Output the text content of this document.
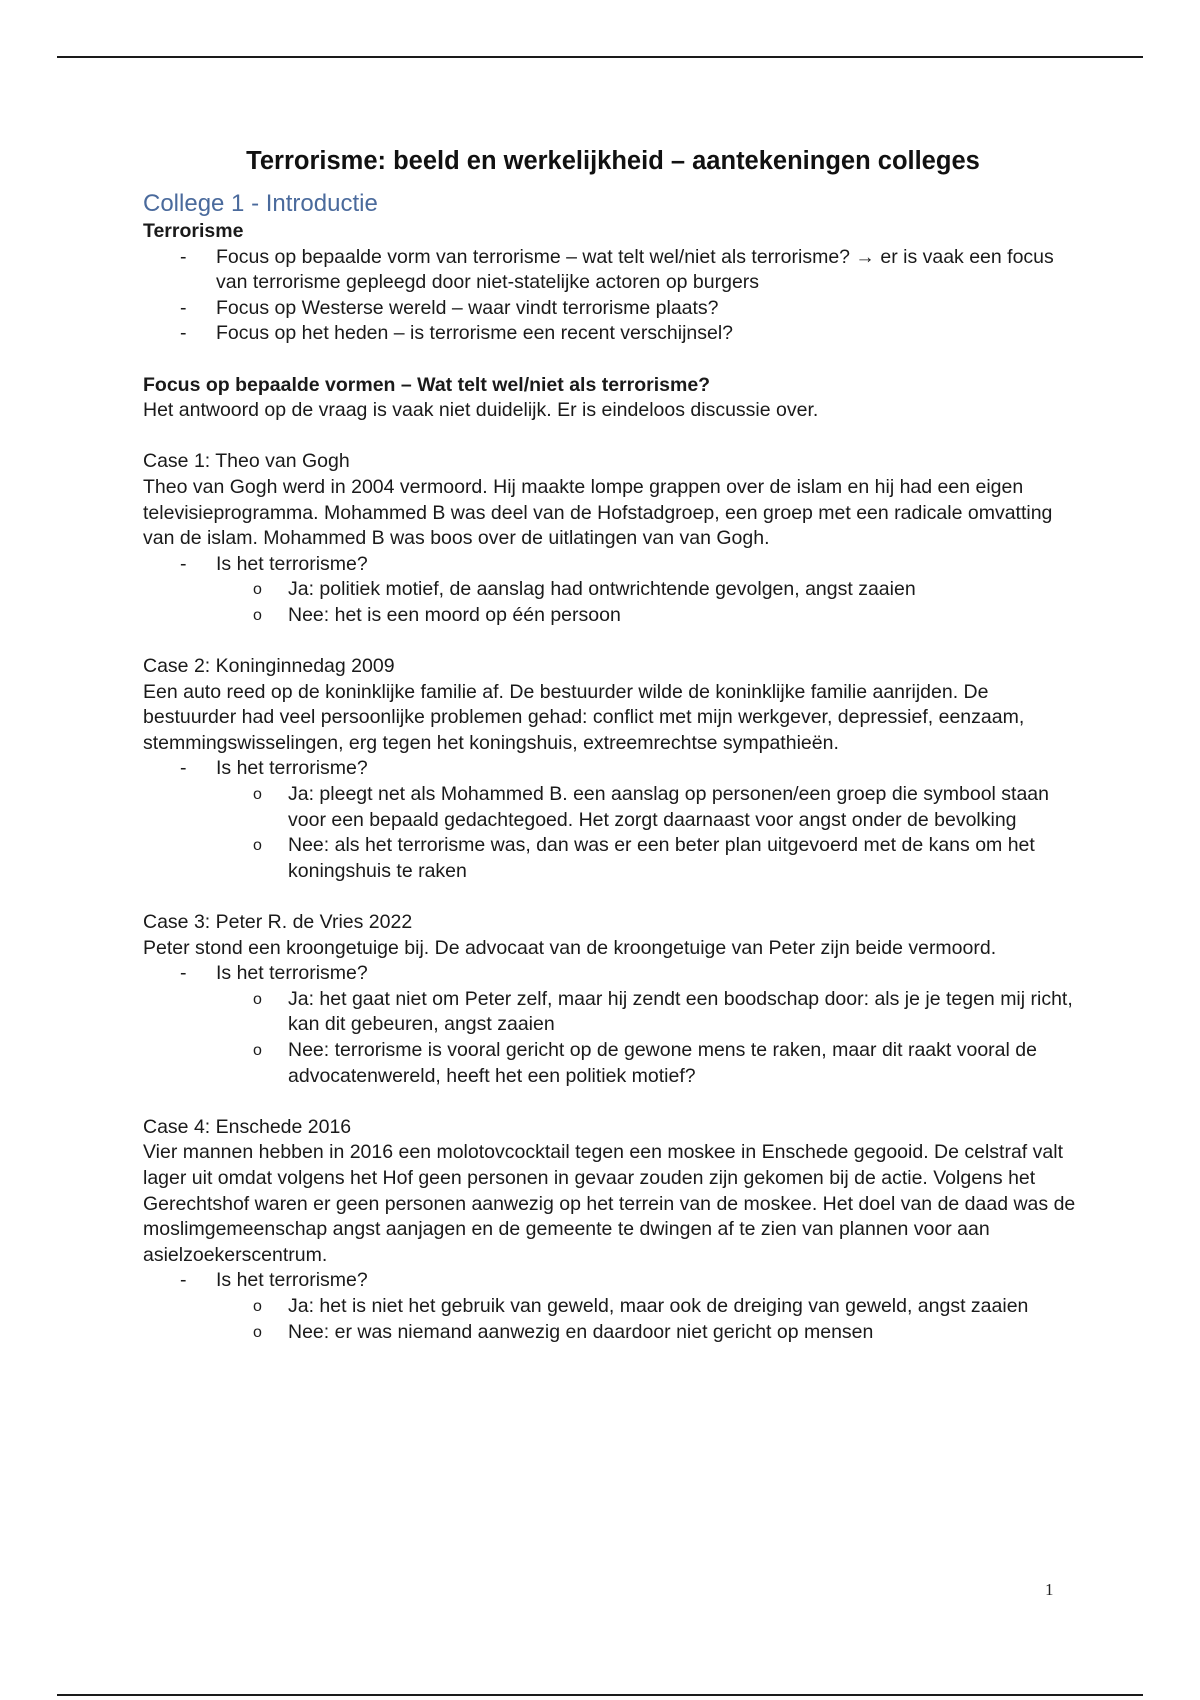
Terrorisme: beeld en werkelijkheid – aantekeningen colleges
College 1 - Introductie
Terrorisme
- Focus op bepaalde vorm van terrorisme – wat telt wel/niet als terrorisme? → er is vaak een focus van terrorisme gepleegd door niet-statelijke actoren op burgers
- Focus op Westerse wereld – waar vindt terrorisme plaats?
- Focus op het heden – is terrorisme een recent verschijnsel?
Focus op bepaalde vormen – Wat telt wel/niet als terrorisme?

Het antwoord op de vraag is vaak niet duidelijk. Er is eindeloos discussie over.

Case 1: Theo van Gogh

Theo van Gogh werd in 2004 vermoord. Hij maakte lompe grappen over de islam en hij had een eigen televisieprogramma. Mohammed B was deel van de Hofstadgroep, een groep met een radicale omvatting van de islam. Mohammed B was boos over de uitlatingen van van Gogh.

- Is het terrorisme?
o Ja: politiek motief, de aanslag had ontwrichtende gevolgen, angst zaaien
o Nee: het is een moord op één persoon

Case 2: Koninginnedag 2009

Een auto reed op de koninklijke familie af. De bestuurder wilde de koninklijke familie aanrijden. De bestuurder had veel persoonlijke problemen gehad: conflict met mijn werkgever, depressief, eenzaam, stemmingswisselingen, erg tegen het koningshuis, extreemrechtse sympathieën.

- Is het terrorisme?
o Ja: pleegt net als Mohammed B. een aanslag op personen/een groep die symbool staan voor een bepaald gedachtegoed. Het zorgt daarnaast voor angst onder de bevolking
o Nee: als het terrorisme was, dan was er een beter plan uitgevoerd met de kans om het koningshuis te raken

Case 3: Peter R. de Vries 2022

Peter stond een kroongetuige bij. De advocaat van de kroongetuige van Peter zijn beide vermoord.

- Is het terrorisme?
o Ja: het gaat niet om Peter zelf, maar hij zendt een boodschap door: als je je tegen mij richt, kan dit gebeuren, angst zaaien
o Nee: terrorisme is vooral gericht op de gewone mens te raken, maar dit raakt vooral de advocatenwereld, heeft het een politiek motief?

Case 4: Enschede 2016

Vier mannen hebben in 2016 een molotovcocktail tegen een moskee in Enschede gegooid. De celstraf valt lager uit omdat volgens het Hof geen personen in gevaar zouden zijn gekomen bij de actie. Volgens het Gerechtshof waren er geen personen aanwezig op het terrein van de moskee. Het doel van de daad was de moslimgemeenschap angst aanjagen en de gemeente te dwingen af te zien van plannen voor aan asielzoekerscentrum.

- Is het terrorisme?
o Ja: het is niet het gebruik van geweld, maar ook de dreiging van geweld, angst zaaien
o Nee: er was niemand aanwezig en daardoor niet gericht op mensen
1
